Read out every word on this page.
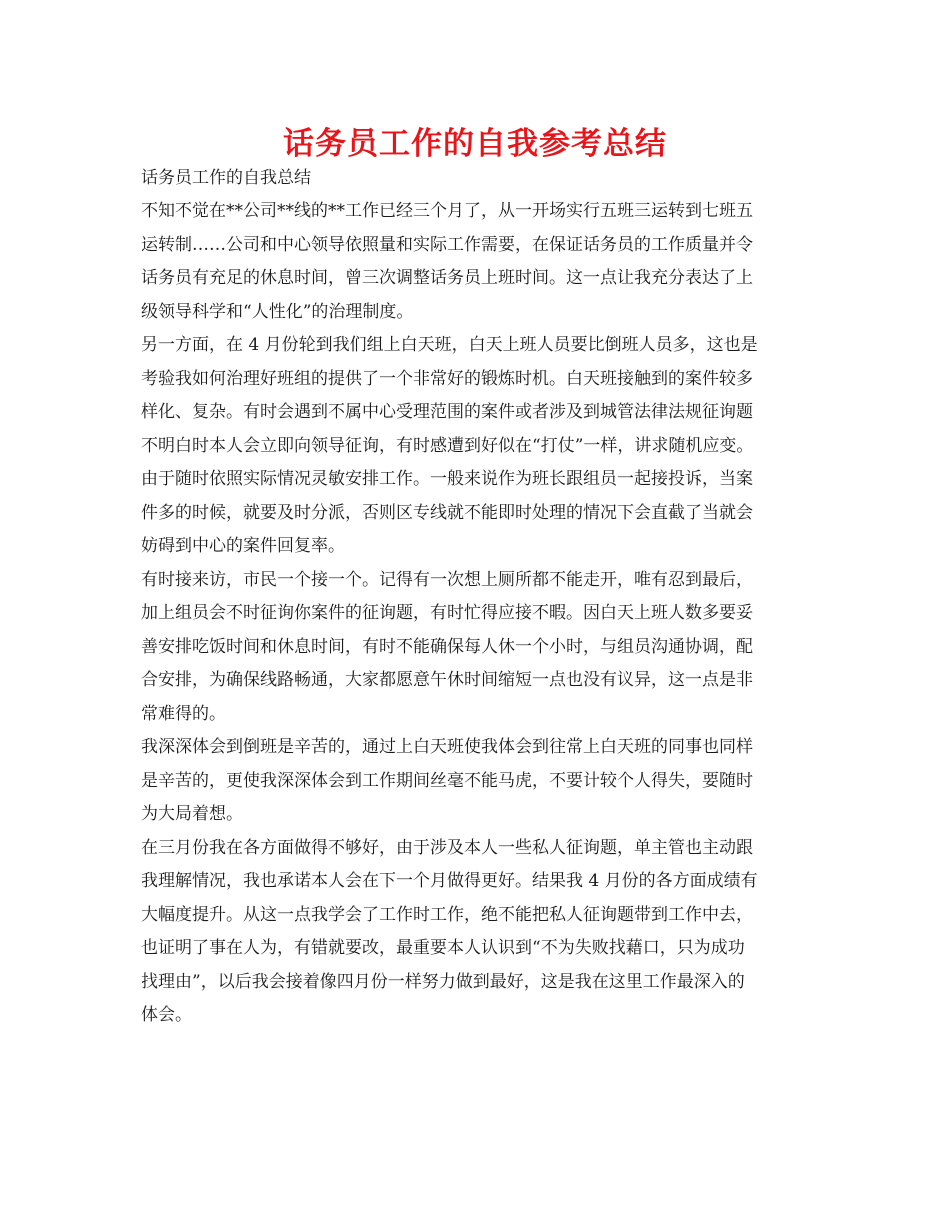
话务员工作的自我参考总结

话务员工作的自我总结

不知不觉在**公司**线的**工作已经三个月了，从一开场实行五班三运转到七班五
运转制……公司和中心领导依照量和实际工作需要，在保证话务员的工作质量并令
话务员有充足的休息时间，曾三次调整话务员上班时间。这一点让我充分表达了上
级领导科学和“人性化”的治理制度。

另一方面，在 4 月份轮到我们组上白天班，白天上班人员要比倒班人员多，这也是
考验我如何治理好班组的提供了一个非常好的锻炼时机。白天班接触到的案件较多
样化、复杂。有时会遇到不属中心受理范围的案件或者涉及到城管法律法规征询题
不明白时本人会立即向领导征询，有时感遭到好似在“打仗”一样，讲求随机应变。
由于随时依照实际情况灵敏安排工作。一般来说作为班长跟组员一起接投诉，当案
件多的时候，就要及时分派，否则区专线就不能即时处理的情况下会直截了当就会
妨碍到中心的案件回复率。

有时接来访，市民一个接一个。记得有一次想上厕所都不能走开，唯有忍到最后，
加上组员会不时征询你案件的征询题，有时忙得应接不暇。因白天上班人数多要妥
善安排吃饭时间和休息时间，有时不能确保每人休一个小时，与组员沟通协调，配
合安排，为确保线路畅通，大家都愿意午休时间缩短一点也没有议异，这一点是非
常难得的。

我深深体会到倒班是辛苦的，通过上白天班使我体会到往常上白天班的同事也同样
是辛苦的，更使我深深体会到工作期间丝毫不能马虎，不要计较个人得失，要随时
为大局着想。

在三月份我在各方面做得不够好，由于涉及本人一些私人征询题，单主管也主动跟
我理解情况，我也承诺本人会在下一个月做得更好。结果我 4 月份的各方面成绩有
大幅度提升。从这一点我学会了工作时工作，绝不能把私人征询题带到工作中去，
也证明了事在人为，有错就要改，最重要本人认识到“不为失败找藉口，只为成功
找理由”，以后我会接着像四月份一样努力做到最好，这是我在这里工作最深入的
体会。
